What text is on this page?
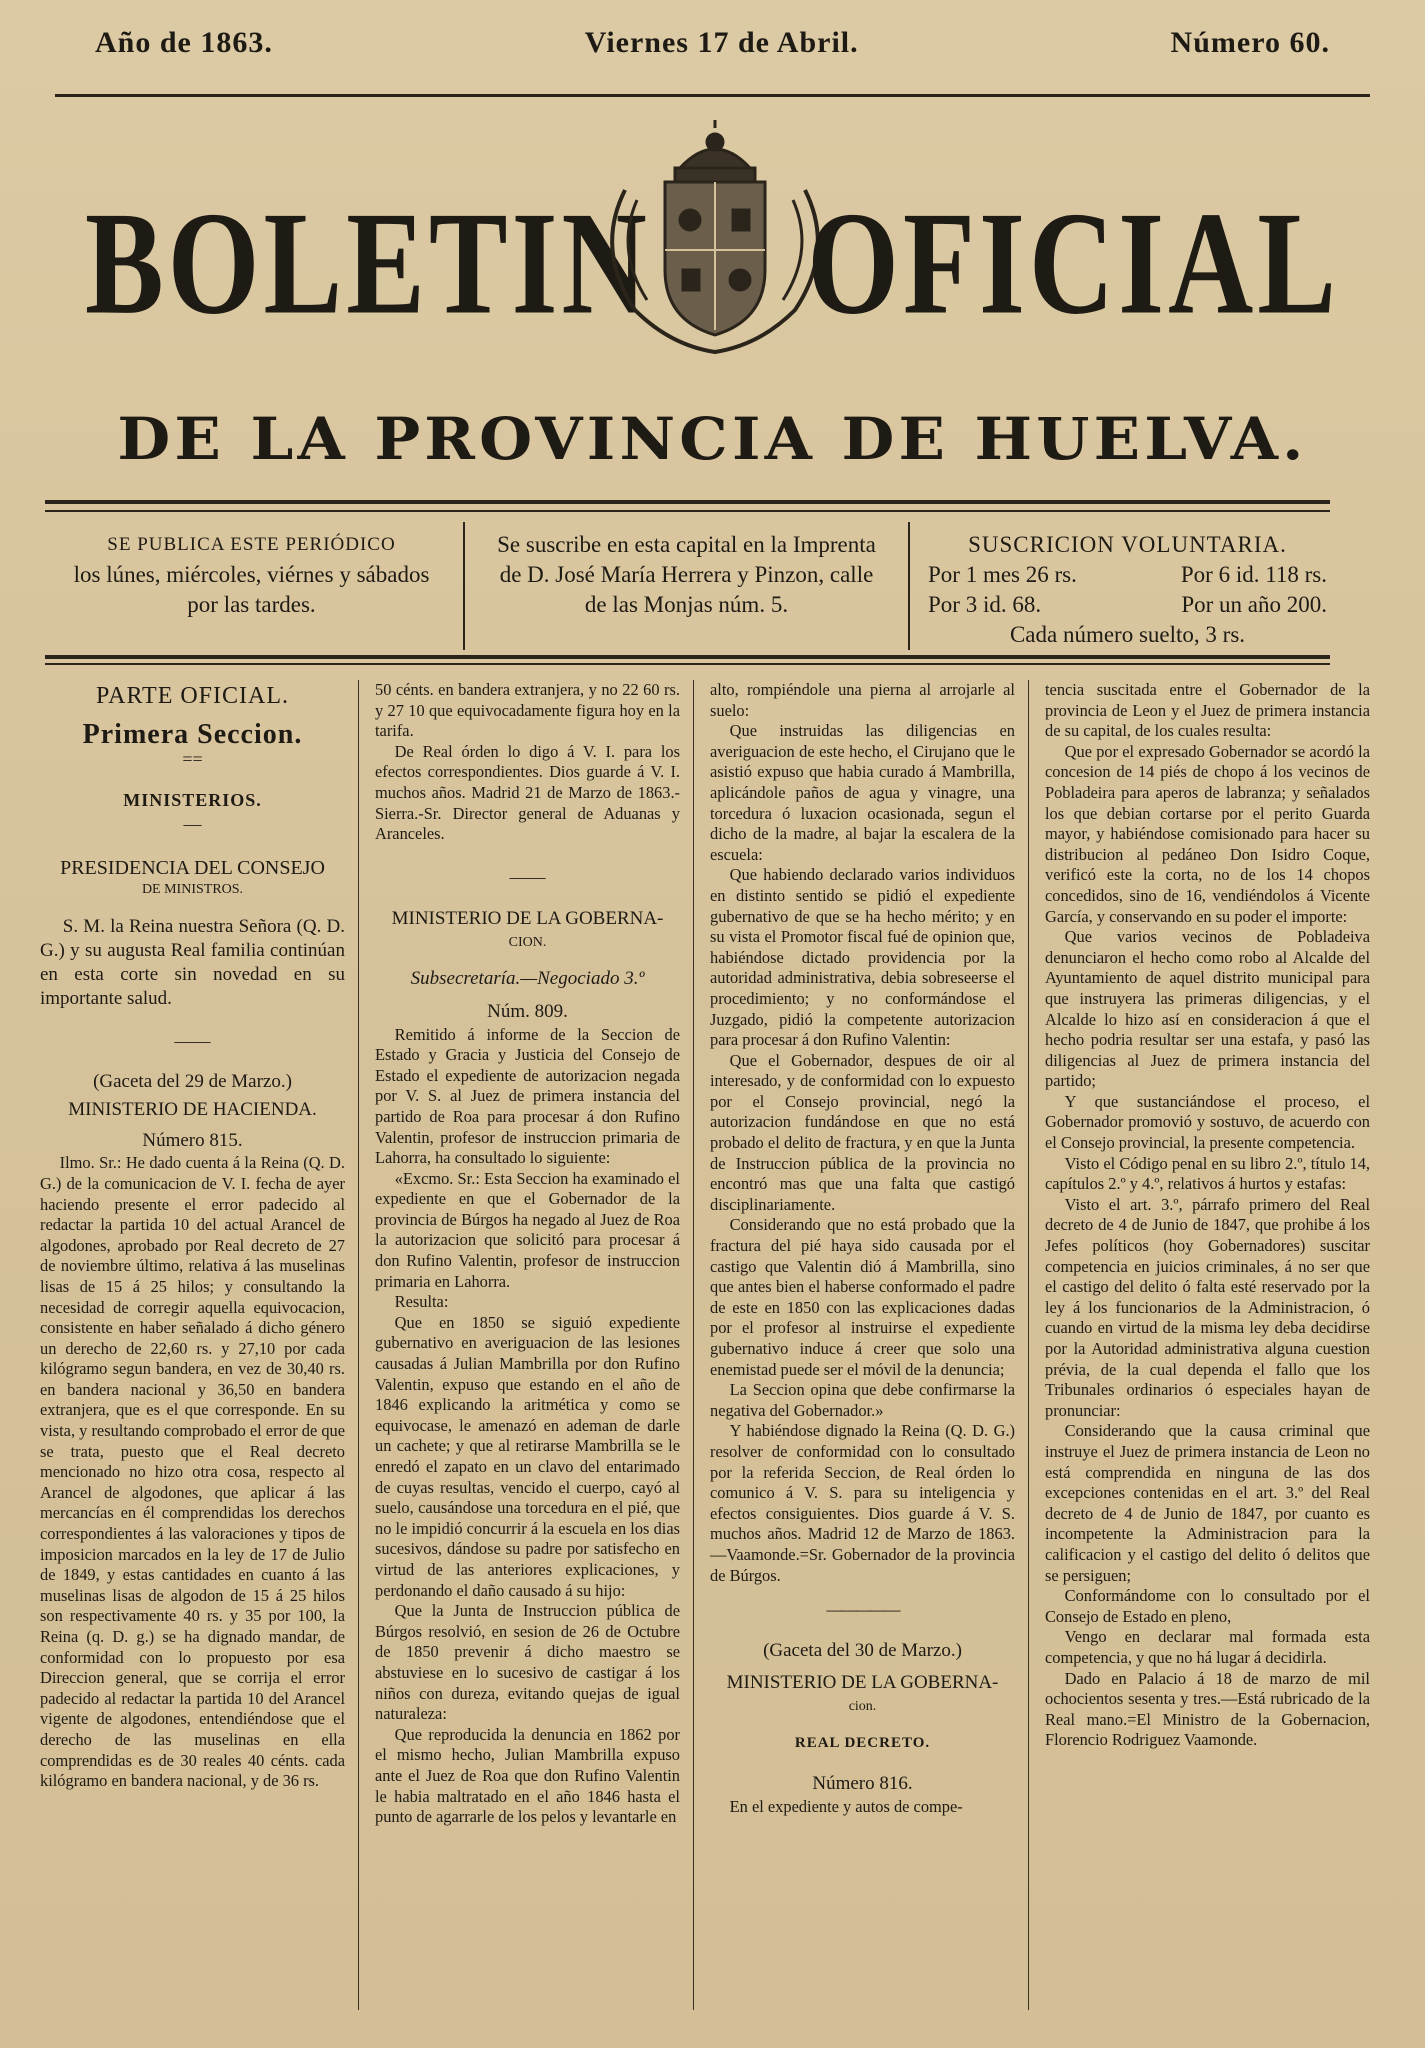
Año de 1863.	Viernes 17 de Abril.	Número 60.
BOLETIN OFICIAL
DE LA PROVINCIA DE HUELVA.
SE PUBLICA ESTE PERIÓDICO
los lúnes, miércoles, viérnes y sábados
por las tardes.
Se suscribe en esta capital en la Imprenta
de D. José María Herrera y Pinzon, calle
de las Monjas núm. 5.
SUSCRICION VOLUNTARIA.
Por 1 mes 26 rs.	Por 6 id. 118 rs.
Por 3 id. 68.	Por un año 200.
Cada número suelto, 3 rs.
PARTE OFICIAL.
Primera Seccion.
==
MINISTERIOS.
—
PRESIDENCIA DEL CONSEJO
DE MINISTROS.

S. M. la Reina nuestra Señora (Q. D. G.) y su augusta Real familia continúan en esta corte sin novedad en su importante salud.

——
(Gaceta del 29 de Marzo.)
MINISTERIO DE HACIENDA.
Número 815.

Ilmo. Sr.: He dado cuenta á la Reina (Q. D. G.) de la comunicacion de V. I. fecha de ayer haciendo presente el error padecido al redactar la partida 10 del actual Arancel de algodones, aprobado por Real decreto de 27 de noviembre último, relativa á las muselinas lisas de 15 á 25 hilos; y consultando la necesidad de corregir aquella equivocacion, consistente en haber señalado á dicho género un derecho de 22,60 rs. y 27,10 por cada kilógramo segun bandera, en vez de 30,40 rs. en bandera nacional y 36,50 en bandera extranjera, que es el que corresponde. En su vista, y resultando comprobado el error de que se trata, puesto que el Real decreto mencionado no hizo otra cosa, respecto al Arancel de algodones, que aplicar á las mercancías en él comprendidas los derechos correspondientes á las valoraciones y tipos de imposicion marcados en la ley de 17 de Julio de 1849, y estas cantidades en cuanto á las muselinas lisas de algodon de 15 á 25 hilos son respectivamente 40 rs. y 35 por 100, la Reina (q. D. g.) se ha dignado mandar, de conformidad con lo propuesto por esa Direccion general, que se corrija el error padecido al redactar la partida 10 del Arancel vigente de algodones, entendiéndose que el derecho de las muselinas en ella comprendidas es de 30 reales 40 cénts. cada kilógramo en bandera nacional, y de 36 rs.

50 cénts. en bandera extranjera, y no 22 60 rs. y 27 10 que equivocadamente figura hoy en la tarifa.

De Real órden lo digo á V. I. para los efectos correspondientes. Dios guarde á V. I. muchos años. Madrid 21 de Marzo de 1863.-Sierra.-Sr. Director general de Aduanas y Aranceles.

——
MINISTERIO DE LA GOBERNA-
CION.
Subsecretaría.—Negociado 3.º
Núm. 809.

Remitido á informe de la Seccion de Estado y Gracia y Justicia del Consejo de Estado el expediente de autorizacion negada por V. S. al Juez de primera instancia del partido de Roa para procesar á don Rufino Valentin, profesor de instruccion primaria de Lahorra, ha consultado lo siguiente:

«Excmo. Sr.: Esta Seccion ha examinado el expediente en que el Gobernador de la provincia de Búrgos ha negado al Juez de Roa la autorizacion que solicitó para procesar á don Rufino Valentin, profesor de instruccion primaria en Lahorra.

Resulta:

Que en 1850 se siguió expediente gubernativo en averiguacion de las lesiones causadas á Julian Mambrilla por don Rufino Valentin, expuso que estando en el año de 1846 explicando la aritmética y como se equivocase, le amenazó en ademan de darle un cachete; y que al retirarse Mambrilla se le enredó el zapato en un clavo del entarimado de cuyas resultas, vencido el cuerpo, cayó al suelo, causándose una torcedura en el pié, que no le impidió concurrir á la escuela en los dias sucesivos, dándose su padre por satisfecho en virtud de las anteriores explicaciones, y perdonando el daño causado á su hijo:

Que la Junta de Instruccion pública de Búrgos resolvió, en sesion de 26 de Octubre de 1850 prevenir á dicho maestro se abstuviese en lo sucesivo de castigar á los niños con dureza, evitando quejas de igual naturaleza:

Que reproducida la denuncia en 1862 por el mismo hecho, Julian Mambrilla expuso ante el Juez de Roa que don Rufino Valentin le habia maltratado en el año 1846 hasta el punto de agarrarle de los pelos y levantarle en

alto, rompiéndole una pierna al arrojarle al suelo:

Que instruidas las diligencias en averiguacion de este hecho, el Cirujano que le asistió expuso que habia curado á Mambrilla, aplicándole paños de agua y vinagre, una torcedura ó luxacion ocasionada, segun el dicho de la madre, al bajar la escalera de la escuela:

Que habiendo declarado varios individuos en distinto sentido se pidió el expediente gubernativo de que se ha hecho mérito; y en su vista el Promotor fiscal fué de opinion que, habiéndose dictado providencia por la autoridad administrativa, debia sobreseerse el procedimiento; y no conformándose el Juzgado, pidió la competente autorizacion para procesar á don Rufino Valentin:

Que el Gobernador, despues de oir al interesado, y de conformidad con lo expuesto por el Consejo provincial, negó la autorizacion fundándose en que no está probado el delito de fractura, y en que la Junta de Instruccion pública de la provincia no encontró mas que una falta que castigó disciplinariamente.

Considerando que no está probado que la fractura del pié haya sido causada por el castigo que Valentin dió á Mambrilla, sino que antes bien el haberse conformado el padre de este en 1850 con las explicaciones dadas por el profesor al instruirse el expediente gubernativo induce á creer que solo una enemistad puede ser el móvil de la denuncia;

La Seccion opina que debe confirmarse la negativa del Gobernador.»

Y habiéndose dignado la Reina (Q. D. G.) resolver de conformidad con lo consultado por la referida Seccion, de Real órden lo comunico á V. S. para su inteligencia y efectos consiguientes. Dios guarde á V. S. muchos años. Madrid 12 de Marzo de 1863.—Vaamonde.=Sr. Gobernador de la provincia de Búrgos.

—————
(Gaceta del 30 de Marzo.)
MINISTERIO DE LA GOBERNA-
cion.
REAL DECRETO.
Número 816.

En el expediente y autos de compe-

tencia suscitada entre el Gobernador de la provincia de Leon y el Juez de primera instancia de su capital, de los cuales resulta:

Que por el expresado Gobernador se acordó la concesion de 14 piés de chopo á los vecinos de Pobladeira para aperos de labranza; y señalados los que debian cortarse por el perito Guarda mayor, y habiéndose comisionado para hacer su distribucion al pedáneo Don Isidro Coque, verificó este la corta, no de los 14 chopos concedidos, sino de 16, vendiéndolos á Vicente García, y conservando en su poder el importe:

Que varios vecinos de Pobladeiva denunciaron el hecho como robo al Alcalde del Ayuntamiento de aquel distrito municipal para que instruyera las primeras diligencias, y el Alcalde lo hizo así en consideracion á que el hecho podria resultar ser una estafa, y pasó las diligencias al Juez de primera instancia del partido;

Y que sustanciándose el proceso, el Gobernador promovió y sostuvo, de acuerdo con el Consejo provincial, la presente competencia.

Visto el Código penal en su libro 2.º, título 14, capítulos 2.º y 4.º, relativos á hurtos y estafas:

Visto el art. 3.º, párrafo primero del Real decreto de 4 de Junio de 1847, que prohibe á los Jefes políticos (hoy Gobernadores) suscitar competencia en juicios criminales, á no ser que el castigo del delito ó falta esté reservado por la ley á los funcionarios de la Administracion, ó cuando en virtud de la misma ley deba decidirse por la Autoridad administrativa alguna cuestion prévia, de la cual dependa el fallo que los Tribunales ordinarios ó especiales hayan de pronunciar:

Considerando que la causa criminal que instruye el Juez de primera instancia de Leon no está comprendida en ninguna de las dos excepciones contenidas en el art. 3.º del Real decreto de 4 de Junio de 1847, por cuanto es incompetente la Administracion para la calificacion y el castigo del delito ó delitos que se persiguen;

Conformándome con lo consultado por el Consejo de Estado en pleno,

Vengo en declarar mal formada esta competencia, y que no há lugar á decidirla.

Dado en Palacio á 18 de marzo de mil ochocientos sesenta y tres.—Está rubricado de la Real mano.=El Ministro de la Gobernacion, Florencio Rodriguez Vaamonde.
